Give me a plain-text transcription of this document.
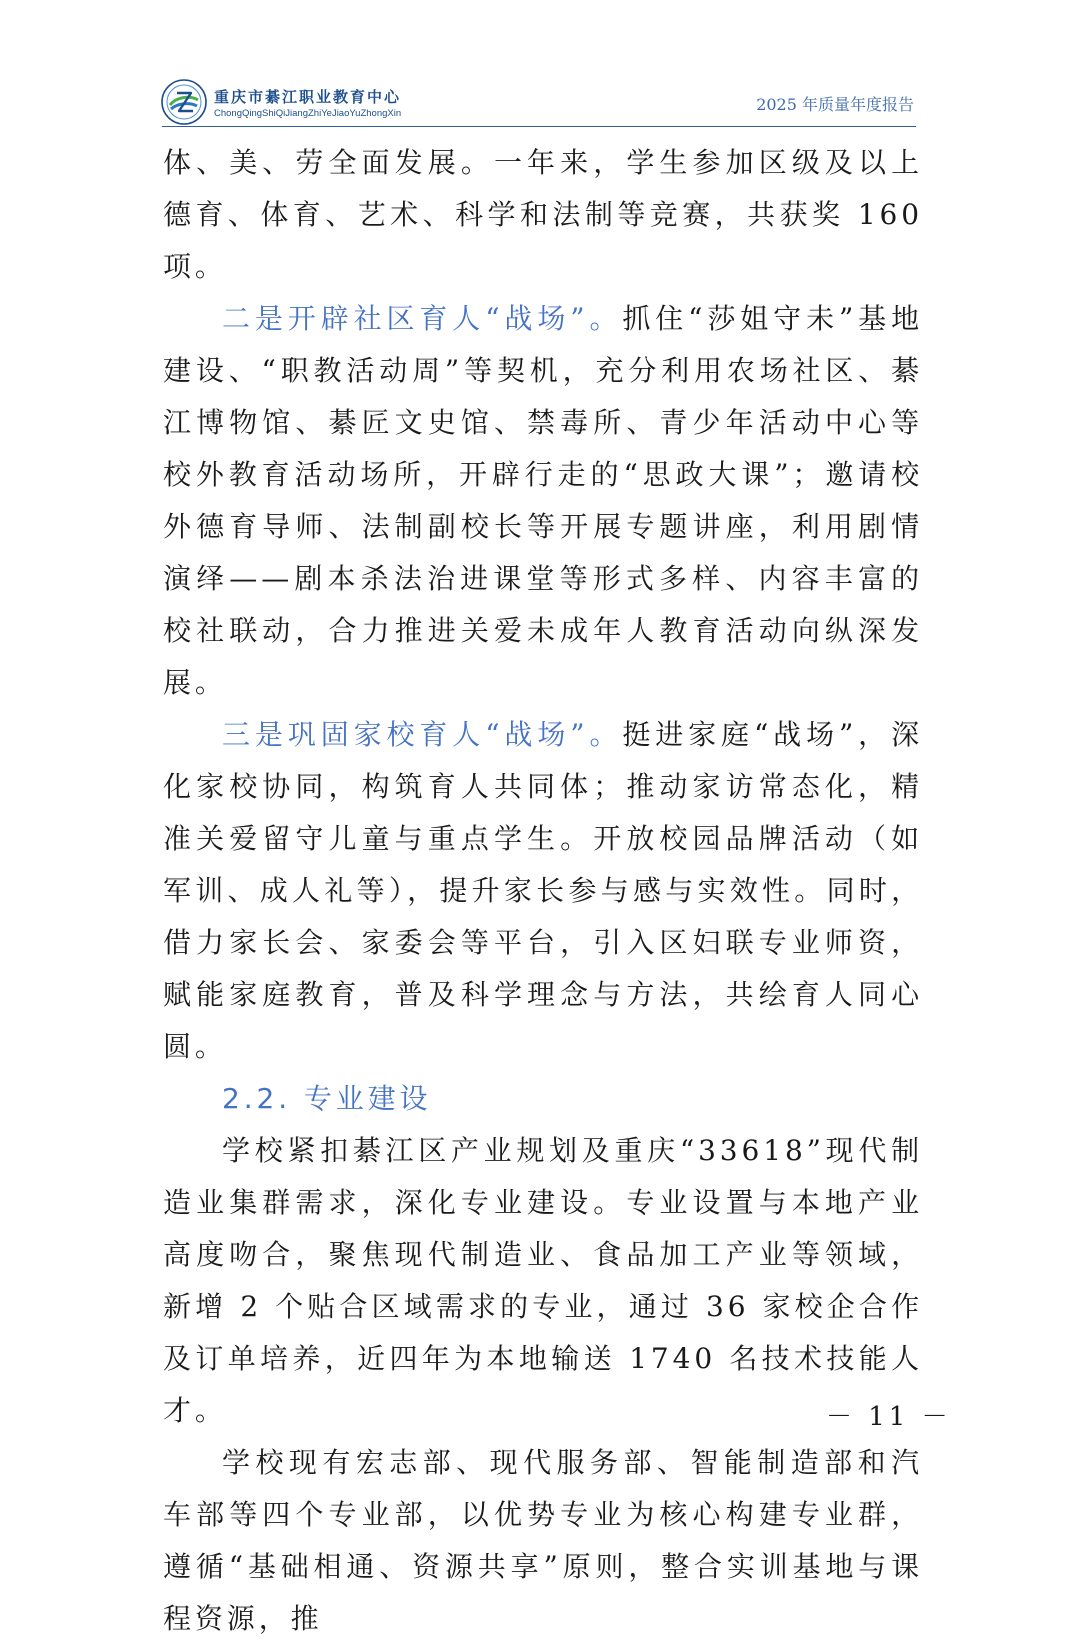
重庆市綦江职业教育中心
ChongQingShiQiJiangZhiYeJiaoYuZhongXin	2025 年质量年度报告

体、美、劳全面发展。一年来，学生参加区级及以上德育、体育、艺术、科学和法制等竞赛，共获奖 160 项。

二是开辟社区育人“战场”。抓住“莎姐守未”基地建设、“职教活动周”等契机，充分利用农场社区、綦江博物馆、綦匠文史馆、禁毒所、青少年活动中心等校外教育活动场所，开辟行走的“思政大课”；邀请校外德育导师、法制副校长等开展专题讲座，利用剧情演绎——剧本杀法治进课堂等形式多样、内容丰富的校社联动，合力推进关爱未成年人教育活动向纵深发展。

三是巩固家校育人“战场”。挺进家庭“战场”，深化家校协同，构筑育人共同体；推动家访常态化，精准关爱留守儿童与重点学生。开放校园品牌活动（如军训、成人礼等），提升家长参与感与实效性。同时，借力家长会、家委会等平台，引入区妇联专业师资，赋能家庭教育，普及科学理念与方法，共绘育人同心圆。

2.2. 专业建设

学校紧扣綦江区产业规划及重庆“33618”现代制造业集群需求，深化专业建设。专业设置与本地产业高度吻合，聚焦现代制造业、食品加工产业等领域，新增 2 个贴合区域需求的专业，通过 36 家校企合作及订单培养，近四年为本地输送 1740 名技术技能人才。

学校现有宏志部、现代服务部、智能制造部和汽车部等四个专业部，以优势专业为核心构建专业群，遵循“基础相通、资源共享”原则，整合实训基地与课程资源，推

－ 11 －
